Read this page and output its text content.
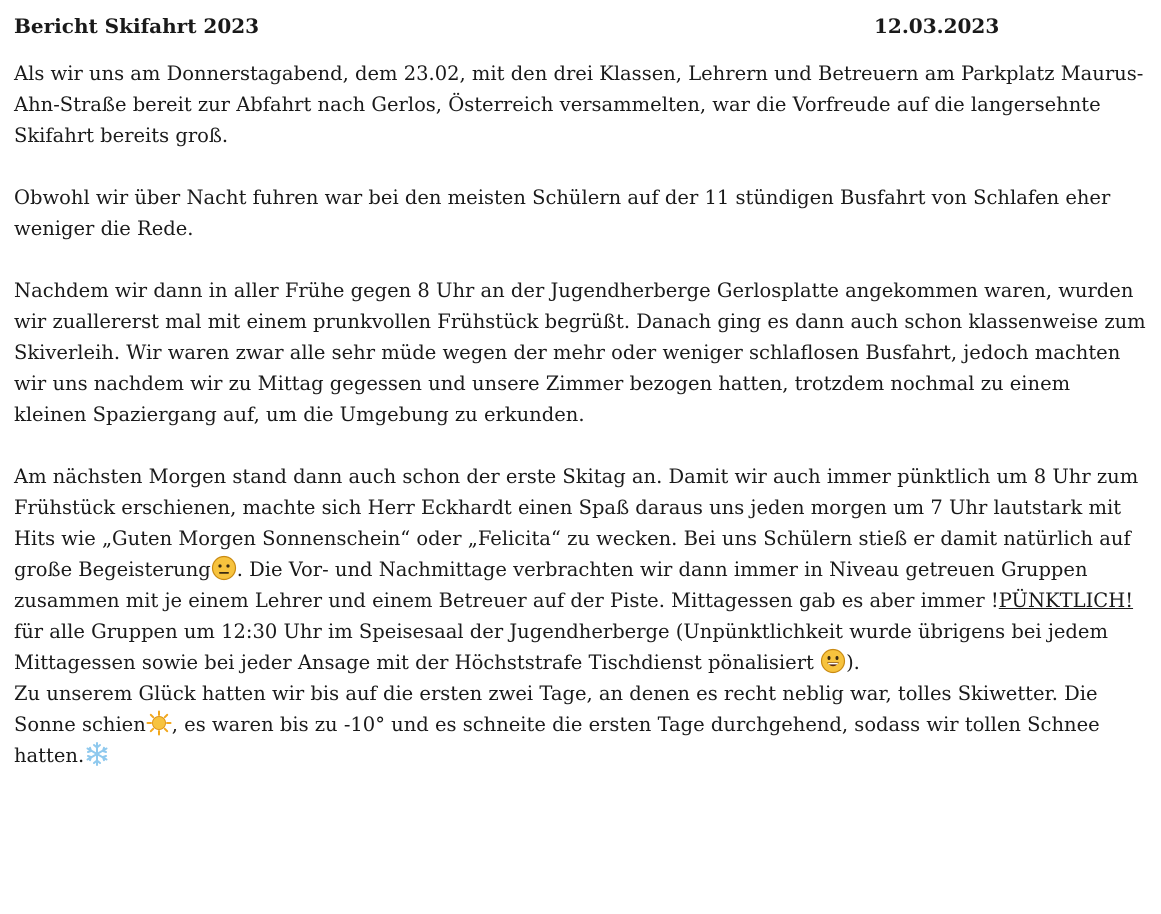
Bericht Skifahrt 2023	12.03.2023

Als wir uns am Donnerstagabend, dem 23.02, mit den drei Klassen, Lehrern und Betreuern am Parkplatz Maurus-Ahn-Straße bereit zur Abfahrt nach Gerlos, Österreich versammelten, war die Vorfreude auf die langersehnte Skifahrt bereits groß.

Obwohl wir über Nacht fuhren war bei den meisten Schülern auf der 11 stündigen Busfahrt von Schlafen eher weniger die Rede.

Nachdem wir dann in aller Frühe gegen 8 Uhr an der Jugendherberge Gerlosplatte angekommen waren, wurden wir zuallererst mal mit einem prunkvollen Frühstück begrüßt. Danach ging es dann auch schon klassenweise zum Skiverleih. Wir waren zwar alle sehr müde wegen der mehr oder weniger schlaflosen Busfahrt, jedoch machten wir uns nachdem wir zu Mittag gegessen und unsere Zimmer bezogen hatten, trotzdem nochmal zu einem kleinen Spaziergang auf, um die Umgebung zu erkunden.

Am nächsten Morgen stand dann auch schon der erste Skitag an. Damit wir auch immer pünktlich um 8 Uhr zum Frühstück erschienen, machte sich Herr Eckhardt einen Spaß daraus uns jeden morgen um 7 Uhr lautstark mit Hits wie „Guten Morgen Sonnenschein“ oder „Felicita“ zu wecken. Bei uns Schülern stieß er damit natürlich auf große Begeisterung . Die Vor- und Nachmittage verbrachten wir dann immer in Niveau getreuen Gruppen zusammen mit je einem Lehrer und einem Betreuer auf der Piste. Mittagessen gab es aber immer !PÜNKTLICH! für alle Gruppen um 12:30 Uhr im Speisesaal der Jugendherberge (Unpünktlichkeit wurde übrigens bei jedem Mittagessen sowie bei jeder Ansage mit der Höchststrafe Tischdienst pönalisiert ).

Zu unserem Glück hatten wir bis auf die ersten zwei Tage, an denen es recht neblig war, tolles Skiwetter. Die Sonne schien , es waren bis zu -10° und es schneite die ersten Tage durchgehend, sodass wir tollen Schnee hatten.
